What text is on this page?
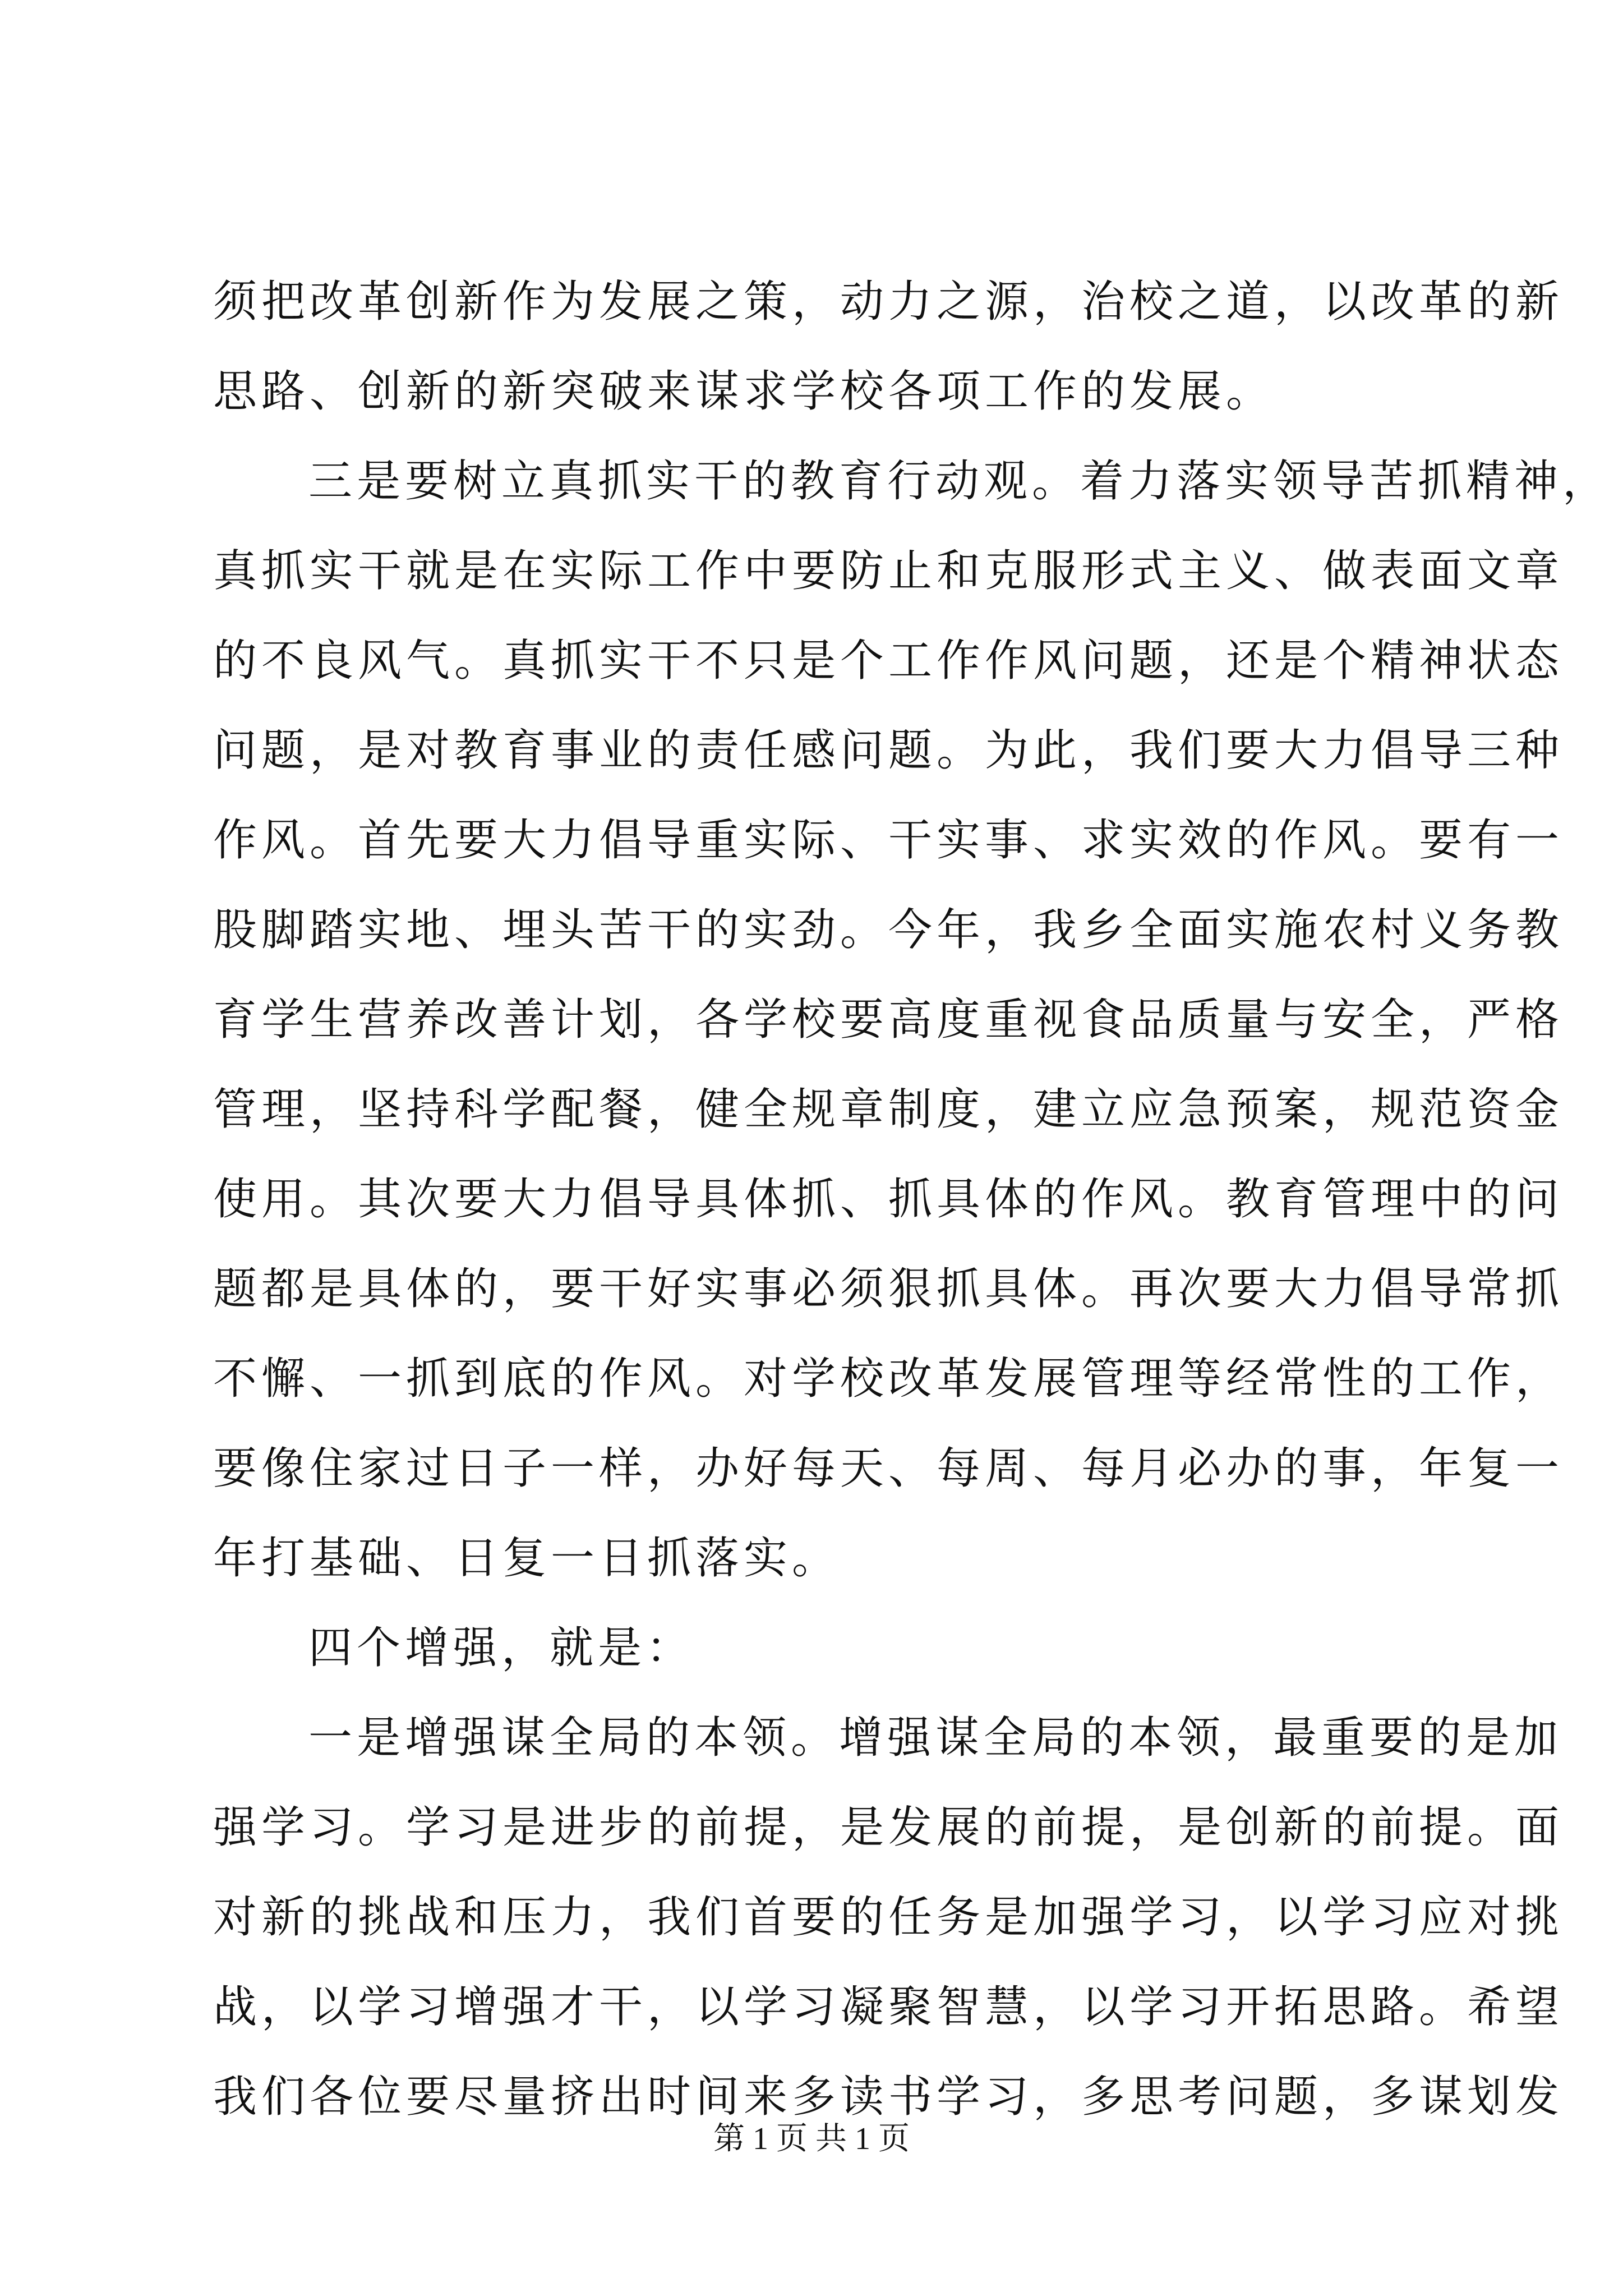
须把改革创新作为发展之策，动力之源，治校之道，以改革的新
思路、创新的新突破来谋求学校各项工作的发展。
三是要树立真抓实干的教育行动观。着力落实领导苦抓精神，
真抓实干就是在实际工作中要防止和克服形式主义、做表面文章
的不良风气。真抓实干不只是个工作作风问题，还是个精神状态
问题，是对教育事业的责任感问题。为此，我们要大力倡导三种
作风。首先要大力倡导重实际、干实事、求实效的作风。要有一
股脚踏实地、埋头苦干的实劲。今年，我乡全面实施农村义务教
育学生营养改善计划，各学校要高度重视食品质量与安全，严格
管理，坚持科学配餐，健全规章制度，建立应急预案，规范资金
使用。其次要大力倡导具体抓、抓具体的作风。教育管理中的问
题都是具体的，要干好实事必须狠抓具体。再次要大力倡导常抓
不懈、一抓到底的作风。对学校改革发展管理等经常性的工作，
要像住家过日子一样，办好每天、每周、每月必办的事，年复一
年打基础、日复一日抓落实。
四个增强，就是：
一是增强谋全局的本领。增强谋全局的本领，最重要的是加
强学习。学习是进步的前提，是发展的前提，是创新的前提。面
对新的挑战和压力，我们首要的任务是加强学习，以学习应对挑
战，以学习增强才干，以学习凝聚智慧，以学习开拓思路。希望
我们各位要尽量挤出时间来多读书学习，多思考问题，多谋划发
第 1 页 共 1 页
